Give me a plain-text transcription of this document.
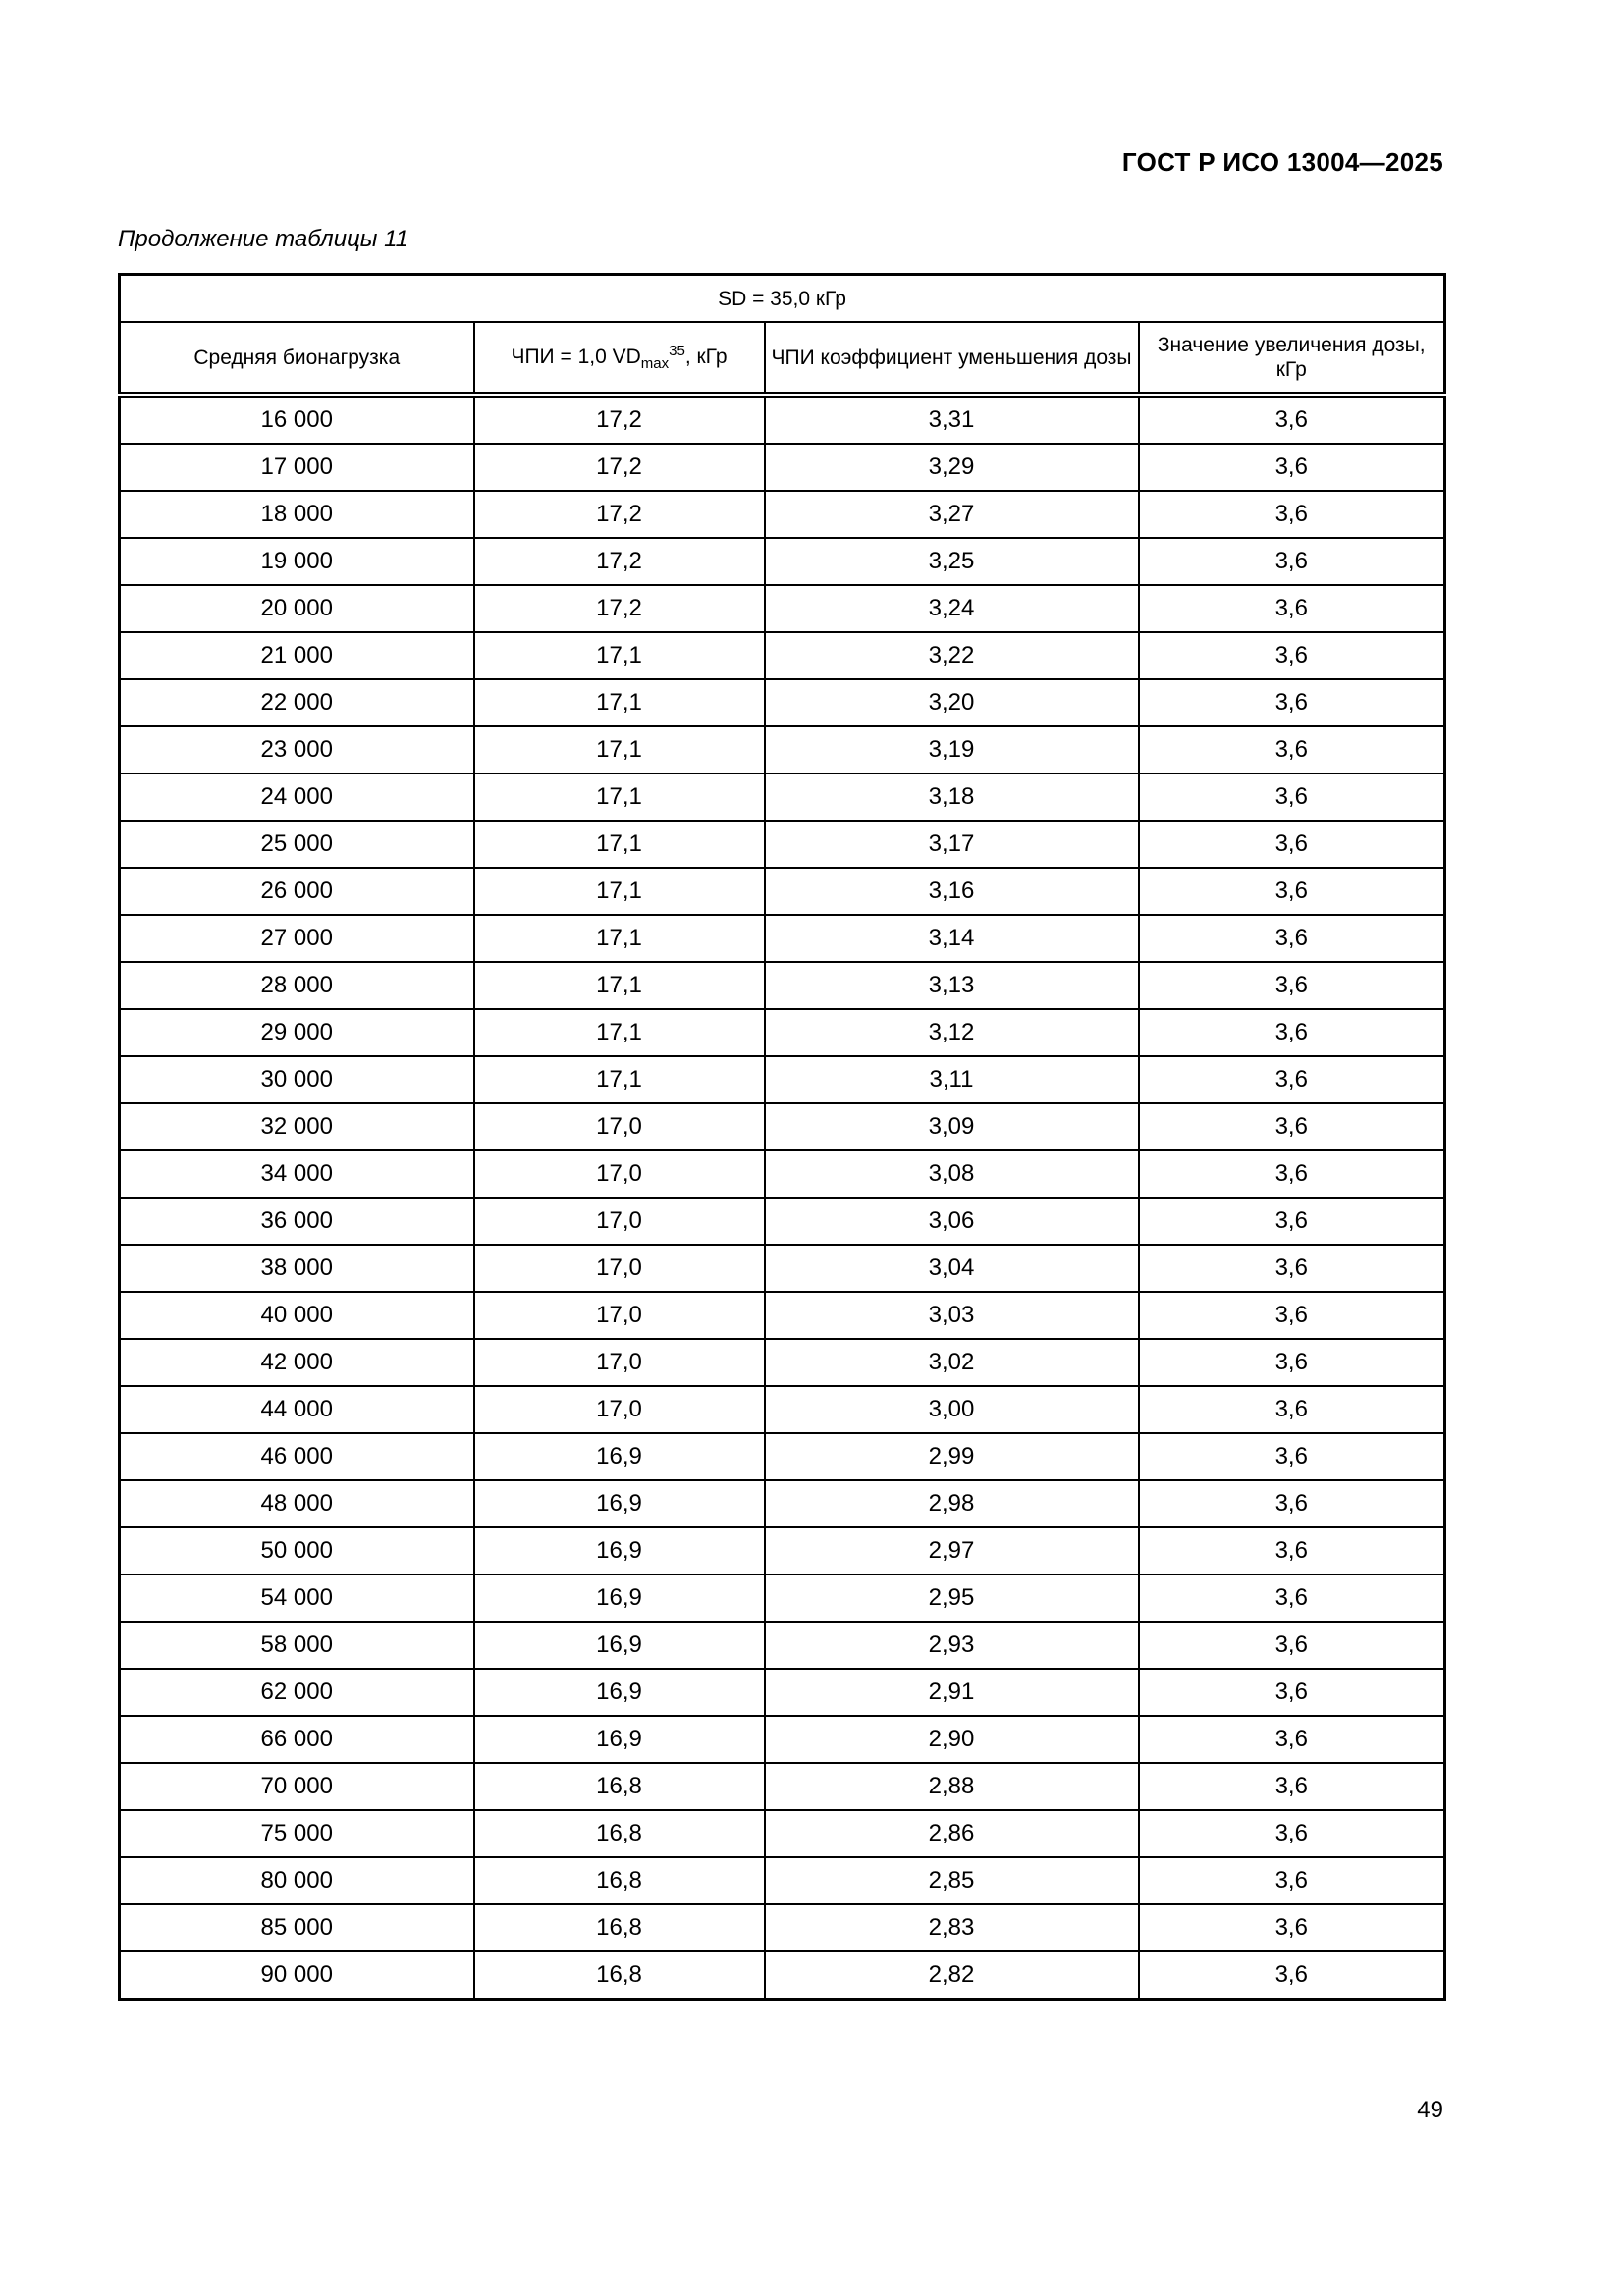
ГОСТ Р ИСО 13004—2025
Продолжение таблицы 11
SD = 35,0 кГр			
Средняя бионагрузка	ЧПИ = 1,0 $VD_{max}^{35}$, кГр	ЧПИ коэффициент уменьшения дозы	Значение увеличения дозы, кГр
16 000	17,2	3,31	3,6
17 000	17,2	3,29	3,6
18 000	17,2	3,27	3,6
19 000	17,2	3,25	3,6
20 000	17,2	3,24	3,6
21 000	17,1	3,22	3,6
22 000	17,1	3,20	3,6
23 000	17,1	3,19	3,6
24 000	17,1	3,18	3,6
25 000	17,1	3,17	3,6
26 000	17,1	3,16	3,6
27 000	17,1	3,14	3,6
28 000	17,1	3,13	3,6
29 000	17,1	3,12	3,6
30 000	17,1	3,11	3,6
32 000	17,0	3,09	3,6
34 000	17,0	3,08	3,6
36 000	17,0	3,06	3,6
38 000	17,0	3,04	3,6
40 000	17,0	3,03	3,6
42 000	17,0	3,02	3,6
44 000	17,0	3,00	3,6
46 000	16,9	2,99	3,6
48 000	16,9	2,98	3,6
50 000	16,9	2,97	3,6
54 000	16,9	2,95	3,6
58 000	16,9	2,93	3,6
62 000	16,9	2,91	3,6
66 000	16,9	2,90	3,6
70 000	16,8	2,88	3,6
75 000	16,8	2,86	3,6
80 000	16,8	2,85	3,6
85 000	16,8	2,83	3,6
90 000	16,8	2,82	3,6
49
